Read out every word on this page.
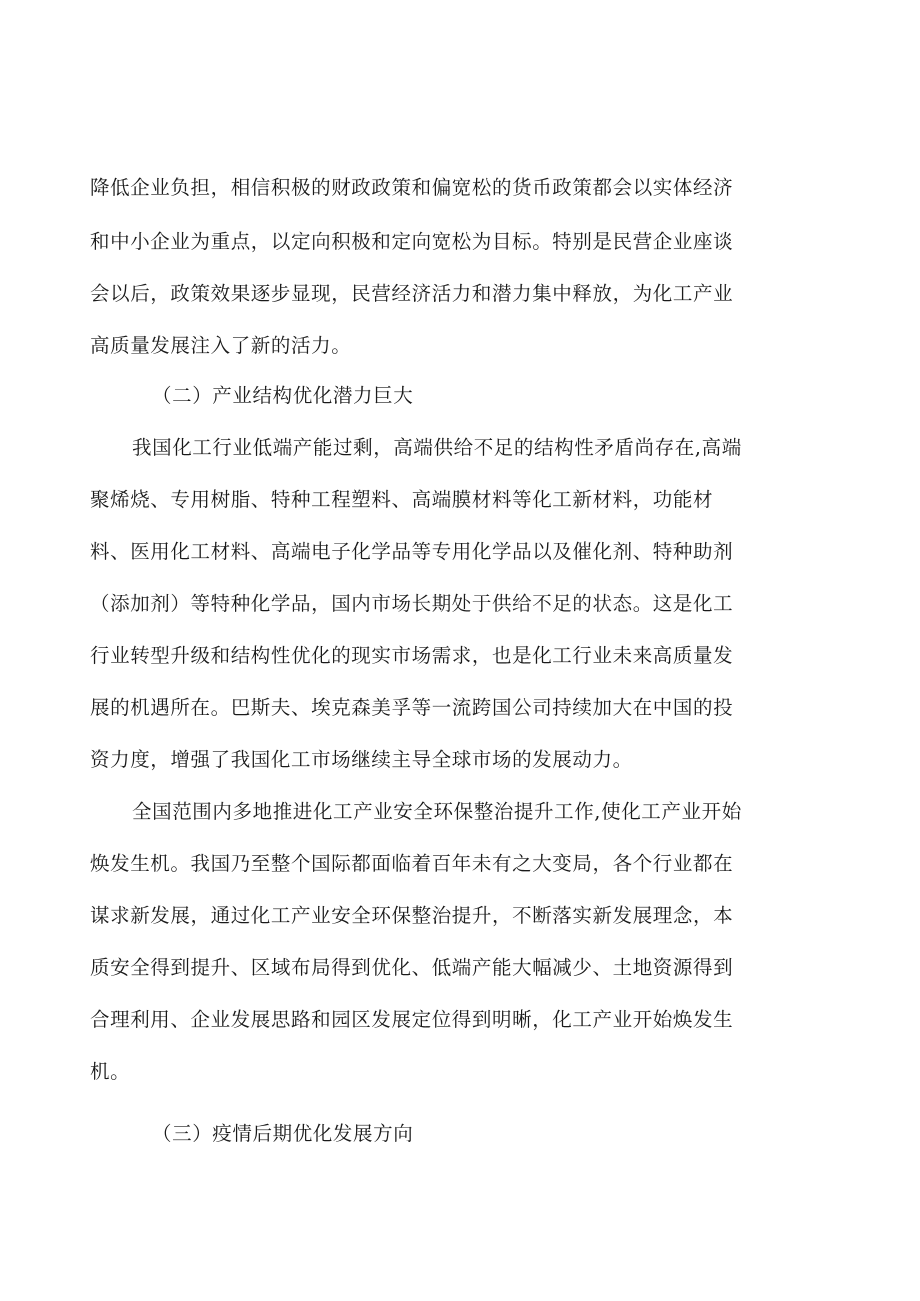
降低企业负担，相信积极的财政政策和偏宽松的货币政策都会以实体经济
和中小企业为重点，以定向积极和定向宽松为目标。特别是民营企业座谈
会以后，政策效果逐步显现，民营经济活力和潜力集中释放，为化工产业
高质量发展注入了新的活力。
（二）产业结构优化潜力巨大
我国化工行业低端产能过剩，高端供给不足的结构性矛盾尚存在,高端
聚烯烧、专用树脂、特种工程塑料、高端膜材料等化工新材料，功能材
料、医用化工材料、高端电子化学品等专用化学品以及催化剂、特种助剂
（添加剂）等特种化学品，国内市场长期处于供给不足的状态。这是化工
行业转型升级和结构性优化的现实市场需求，也是化工行业未来高质量发
展的机遇所在。巴斯夫、埃克森美孚等一流跨国公司持续加大在中国的投
资力度，增强了我国化工市场继续主导全球市场的发展动力。
全国范围内多地推进化工产业安全环保整治提升工作,使化工产业开始
焕发生机。我国乃至整个国际都面临着百年未有之大变局，各个行业都在
谋求新发展，通过化工产业安全环保整治提升，不断落实新发展理念，本
质安全得到提升、区域布局得到优化、低端产能大幅减少、土地资源得到
合理利用、企业发展思路和园区发展定位得到明晰，化工产业开始焕发生
机。
（三）疫情后期优化发展方向
